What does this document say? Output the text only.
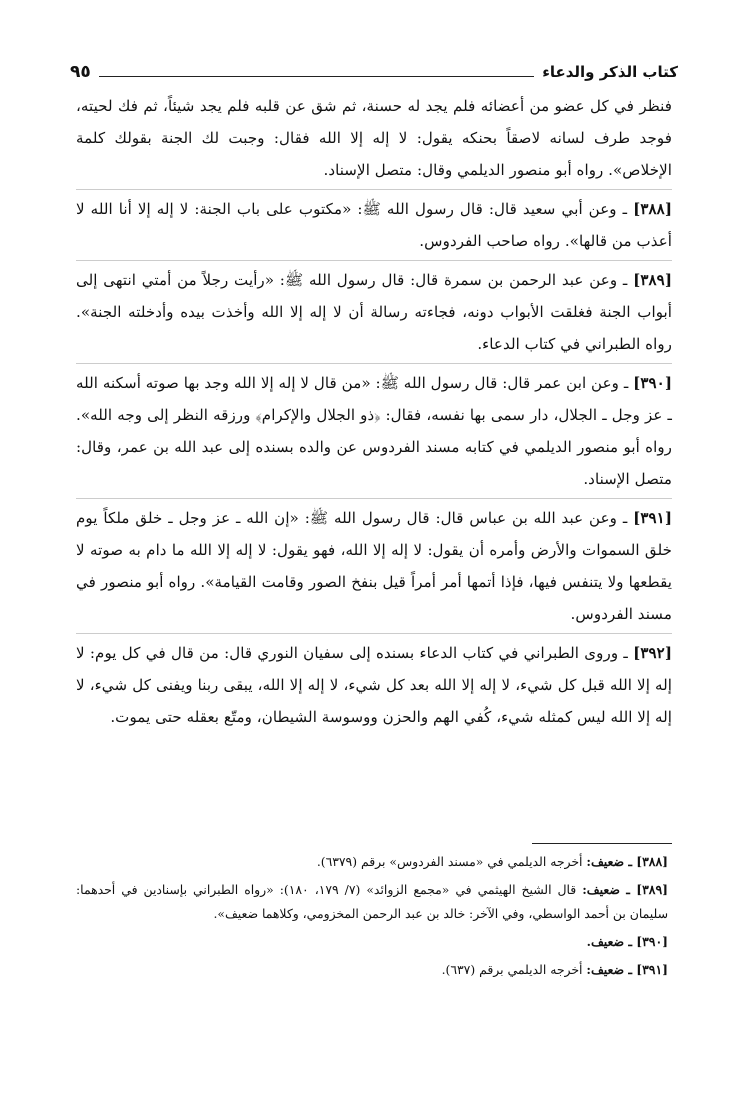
كتاب الذكر والدعاء
٩٥

فنظر في كل عضو من أعضائه فلم يجد له حسنة، ثم شق عن قلبه فلم يجد شيئاً، ثم فك لحيته، فوجد طرف لسانه لاصقاً بحنكه يقول: لا إله إلا الله فقال: وجبت لك الجنة بقولك كلمة الإخلاص». رواه أبو منصور الديلمي وقال: متصل الإسناد.

[٣٨٨] ـ وعن أبي سعيد قال: قال رسول الله ﷺ: «مكتوب على باب الجنة: لا إله إلا أنا الله لا أعذب من قالها». رواه صاحب الفردوس.

[٣٨٩] ـ وعن عبد الرحمن بن سمرة قال: قال رسول الله ﷺ: «رأيت رجلاً من أمتي انتهى إلى أبواب الجنة فغلقت الأبواب دونه، فجاءته رسالة أن لا إله إلا الله وأخذت بيده وأدخلته الجنة». رواه الطبراني في كتاب الدعاء.

[٣٩٠] ـ وعن ابن عمر قال: قال رسول الله ﷺ: «من قال لا إله إلا الله وجد بها صوته أسكنه الله ـ عز وجل ـ الجلال، دار سمى بها نفسه، فقال: ﴿ذو الجلال والإكرام﴾ ورزقه النظر إلى وجه الله». رواه أبو منصور الديلمي في كتابه مسند الفردوس عن والده بسنده إلى عبد الله بن عمر، وقال: متصل الإسناد.

[٣٩١] ـ وعن عبد الله بن عباس قال: قال رسول الله ﷺ: «إن الله ـ عز وجل ـ خلق ملكاً يوم خلق السموات والأرض وأمره أن يقول: لا إله إلا الله، فهو يقول: لا إله إلا الله ما دام به صوته لا يقطعها ولا يتنفس فيها، فإذا أتمها أمر أمراً قيل بنفخ الصور وقامت القيامة». رواه أبو منصور في مسند الفردوس.

[٣٩٢] ـ وروى الطبراني في كتاب الدعاء بسنده إلى سفيان النوري قال: من قال في كل يوم: لا إله إلا الله قبل كل شيء، لا إله إلا الله بعد كل شيء، لا إله إلا الله، يبقى ربنا ويفنى كل شيء، لا إله إلا الله ليس كمثله شيء، كُفي الهم والحزن ووسوسة الشيطان، ومتّع بعقله حتى يموت.

[٣٨٨] ـ ضعيف: أخرجه الديلمي في «مسند الفردوس» برقم (٦٣٧٩).

[٣٨٩] ـ ضعيف: قال الشيخ الهيثمي في «مجمع الزوائد» (٧/ ١٧٩، ١٨٠): «رواه الطبراني بإسنادين في أحدهما: سليمان بن أحمد الواسطي، وفي الآخر: خالد بن عبد الرحمن المخزومي، وكلاهما ضعيف».

[٣٩٠] ـ ضعيف.

[٣٩١] ـ ضعيف: أخرجه الديلمي برقم (٦٣٧).
